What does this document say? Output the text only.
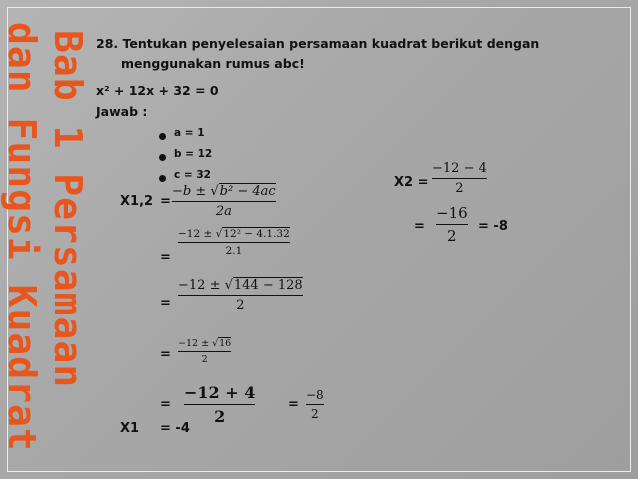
Bab 1 Persamaan
dan Fungsi Kuadrat	28. Tentukan penyelesaian persamaan kuadrat berikut dengan
menggunakan rumus abc!
x² + 12x + 32 = 0
Jawab :
a = 1
b = 12
c = 32
X1,2 =
−b ± √b² − 4ac
2a
=
−12 ± √12² − 4.1.32
2.1
=
−12 ± √144 − 128
2
=
−12 ± √16
2
=
−12 + 4
2
=
−8
2
X1 = -4
X2 =
−12 − 4
2
=
−16
2
= -8
